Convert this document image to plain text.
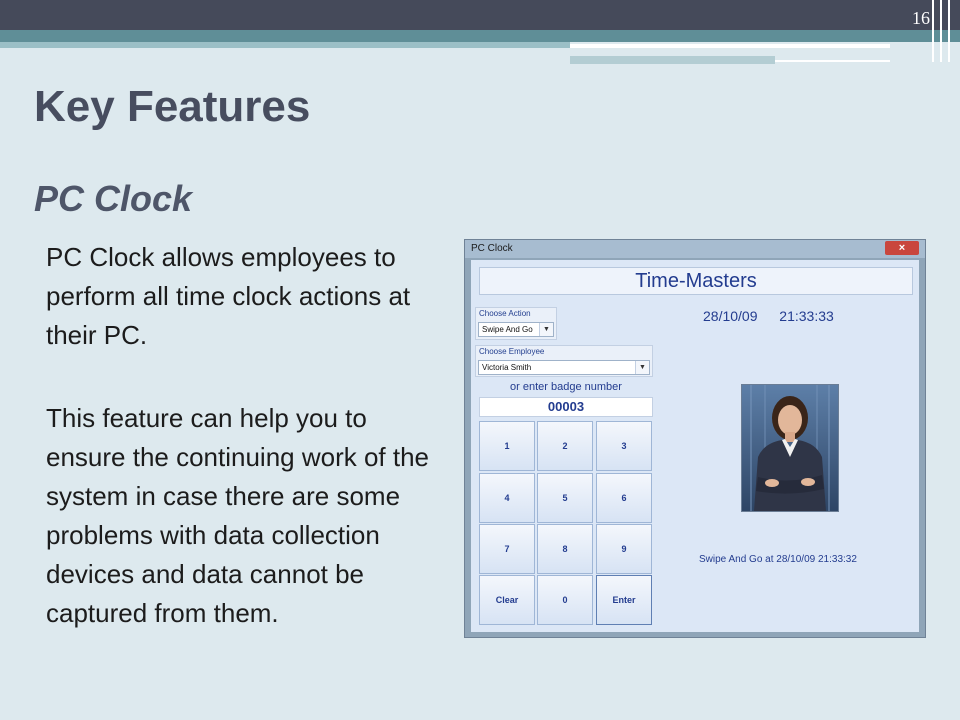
16
Key Features
PC Clock

PC Clock allows employees to perform all time clock actions at their PC.

This feature can help you to ensure the continuing work of the system in case there are some problems with data collection devices and data cannot be captured from them.

PC Clock	×
Time-Masters
Choose Action
Swipe And Go	▼
Choose Employee
Victoria Smith	▼
28/10/09 21:33:33
or enter badge number
00003
1	2	3
4	5	6
7	8	9
Clear	0	Enter
Swipe And Go at 28/10/09 21:33:32
